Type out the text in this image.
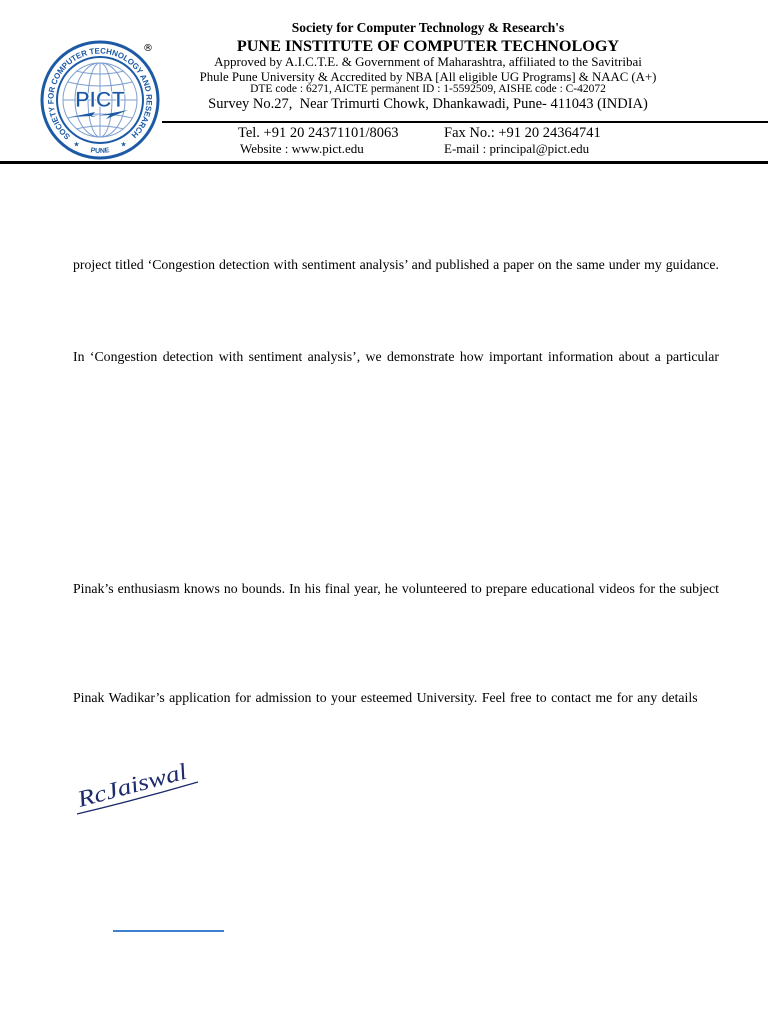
PICT
SOCIETY FOR COMPUTER TECHNOLOGY AND RESEARCH
PUNE
★	★
®
Society for Computer Technology & Research's
PUNE INSTITUTE OF COMPUTER TECHNOLOGY
Approved by A.I.C.T.E. & Government of Maharashtra, affiliated to the Savitribai
Phule Pune University & Accredited by NBA [All eligible UG Programs] & NAAC (A+)
DTE code : 6271, AICTE permanent ID : 1-5592509, AISHE code : C-42072
Survey No.27,  Near Trimurti Chowk, Dhankawadi, Pune- 411043 (INDIA)
Tel. +91 20 24371101/8063	Fax No.: +91 20 24364741
Website : www.pict.edu	E-mail : principal@pict.edu
project titled ‘Congestion detection with sentiment analysis’ and published a paper on the same under my guidance.
In ‘Congestion detection with sentiment analysis’, we demonstrate how important information about a particular
Pinak’s enthusiasm knows no bounds. In his final year, he volunteered to prepare educational videos for the subject
Pinak Wadikar’s application for admission to your esteemed University. Feel free to contact me for any details
RcJaiswal
